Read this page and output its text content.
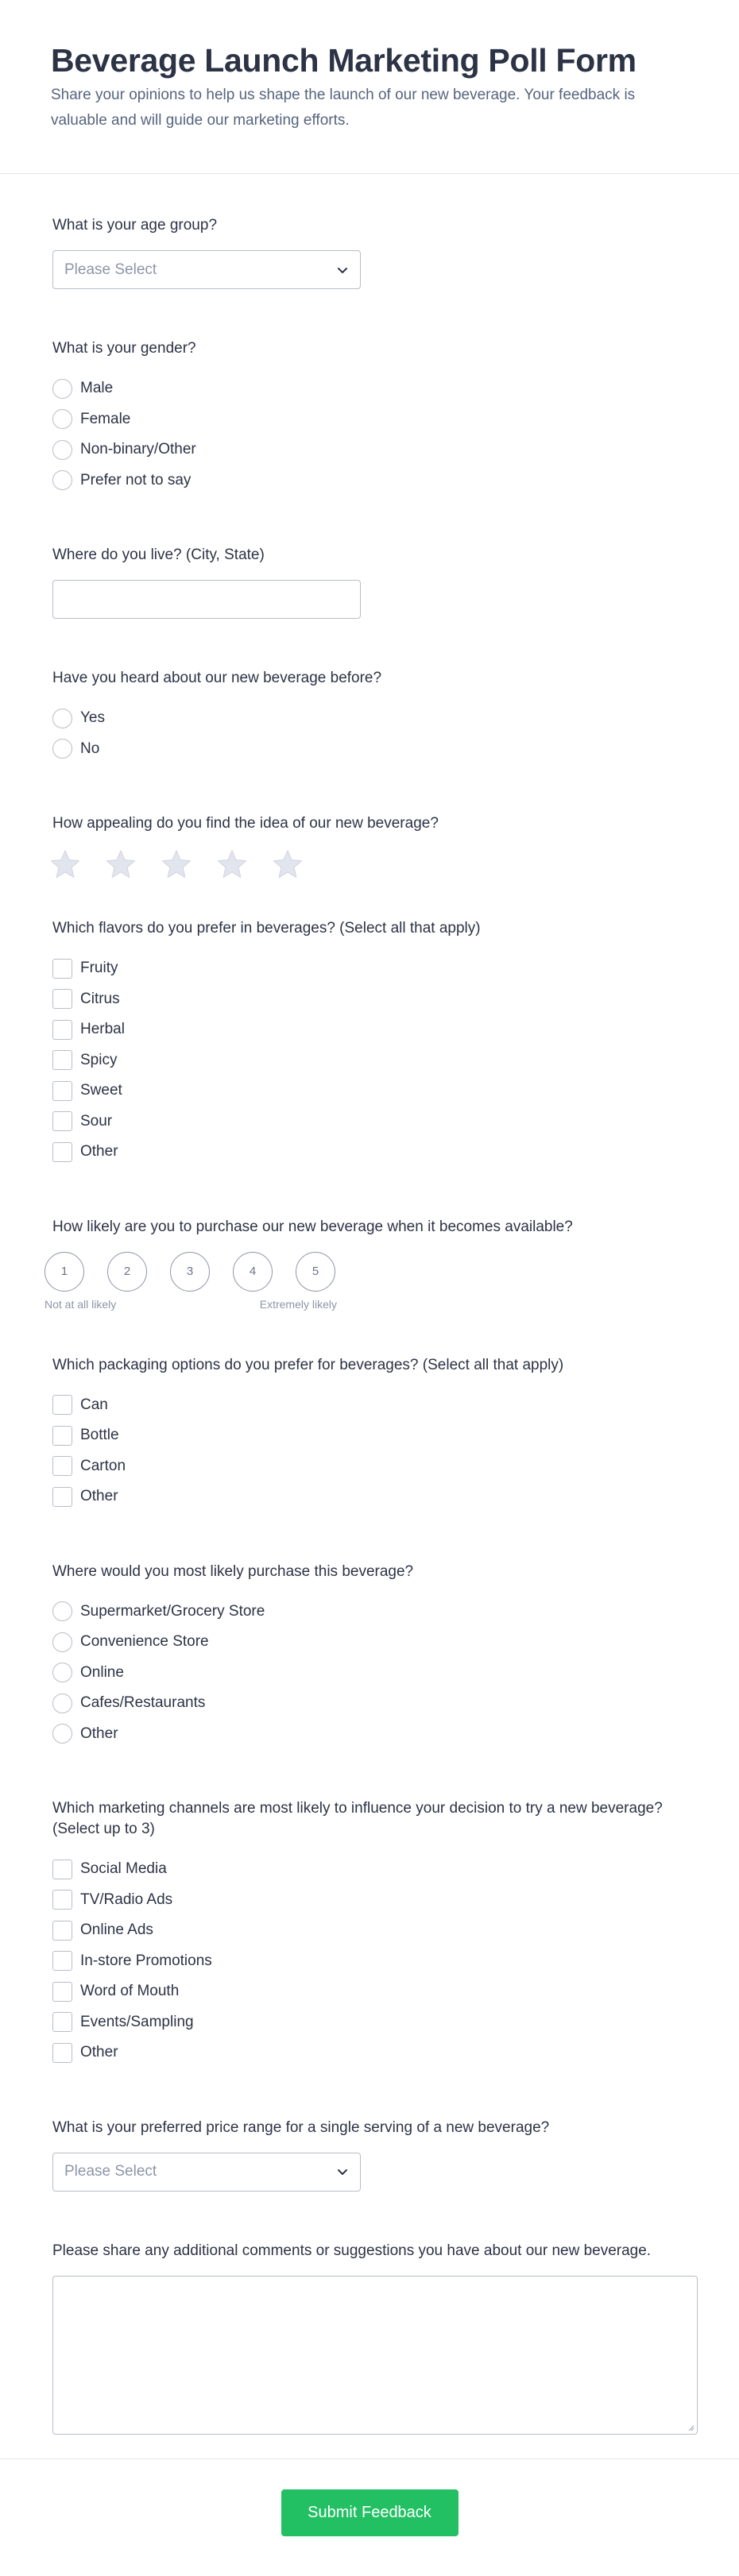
Beverage Launch Marketing Poll Form

Share your opinions to help us shape the launch of our new beverage. Your feedback is valuable and will guide our marketing efforts.

What is your age group?
Please Select
What is your gender?
Male
Female
Non-binary/Other
Prefer not to say
Where do you live? (City, State)
Have you heard about our new beverage before?
Yes
No
How appealing do you find the idea of our new beverage?
Which flavors do you prefer in beverages? (Select all that apply)
Fruity
Citrus
Herbal
Spicy
Sweet
Sour
Other
How likely are you to purchase our new beverage when it becomes available?
1	2	3	4	5
Not at all likely	Extremely likely
Which packaging options do you prefer for beverages? (Select all that apply)
Can
Bottle
Carton
Other
Where would you most likely purchase this beverage?
Supermarket/Grocery Store
Convenience Store
Online
Cafes/Restaurants
Other
Which marketing channels are most likely to influence your decision to try a new beverage? (Select up to 3)
Social Media
TV/Radio Ads
Online Ads
In-store Promotions
Word of Mouth
Events/Sampling
Other
What is your preferred price range for a single serving of a new beverage?
Please Select
Please share any additional comments or suggestions you have about our new beverage.
Submit Feedback
